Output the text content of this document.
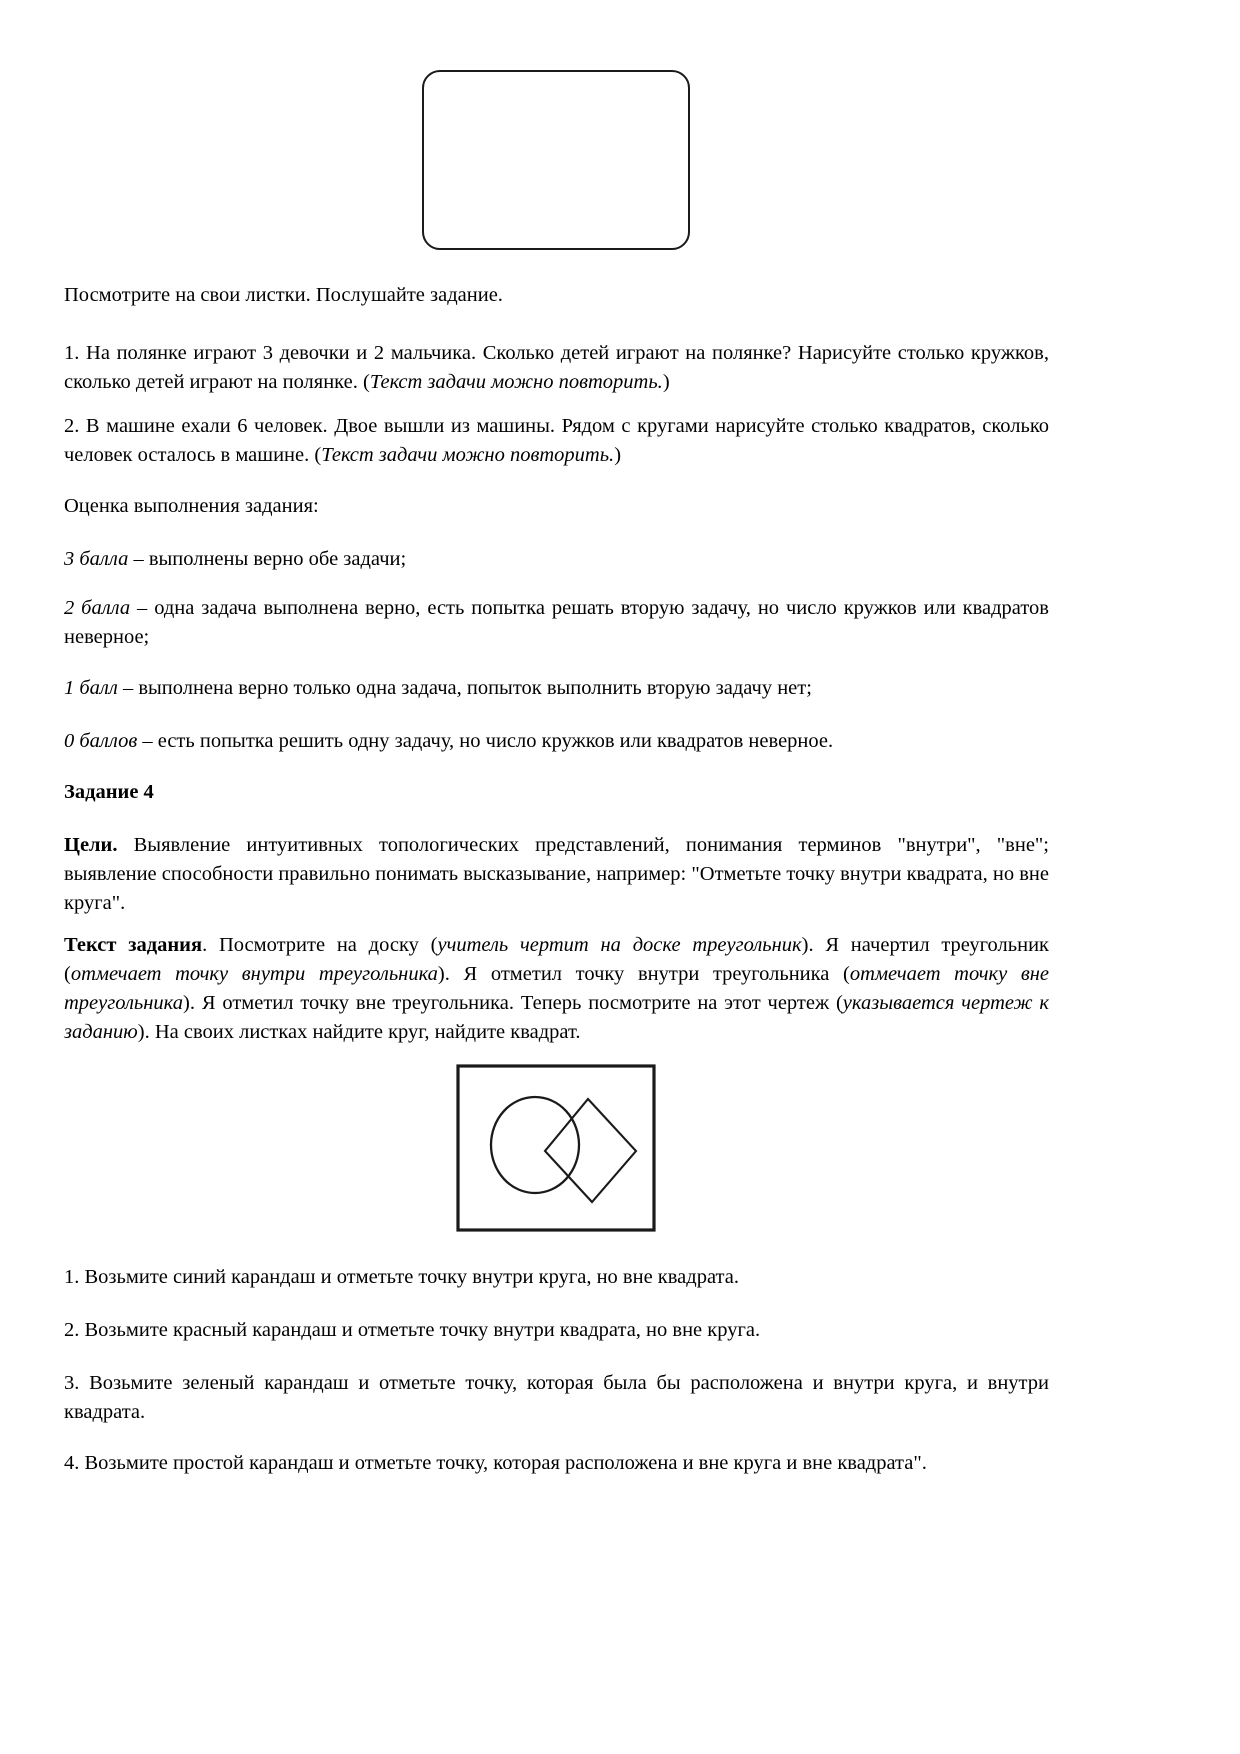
Посмотрите на свои листки. Послушайте задание.

1. На полянке играют 3 девочки и 2 мальчика. Сколько детей играют на полянке? Нарисуйте столько кружков, сколько детей играют на полянке. (Текст задачи можно повторить.)

2. В машине ехали 6 человек. Двое вышли из машины. Рядом с кругами нарисуйте столько квадратов, сколько человек осталось в машине. (Текст задачи можно повторить.)

Оценка выполнения задания:

3 балла – выполнены верно обе задачи;

2 балла – одна задача выполнена верно, есть попытка решать вторую задачу, но число кружков или квадратов неверное;

1 балл – выполнена верно только одна задача, попыток выполнить вторую задачу нет;

0 баллов – есть попытка решить одну задачу, но число кружков или квадратов неверное.

Задание 4

Цели. Выявление интуитивных топологических представлений, понимания терминов "внутри", "вне"; выявление способности правильно понимать высказывание, например: "Отметьте точку внутри квадрата, но вне круга".

Текст задания. Посмотрите на доску (учитель чертит на доске треугольник). Я начертил треугольник (отмечает точку внутри треугольника). Я отметил точку внутри треугольника (отмечает точку вне треугольника). Я отметил точку вне треугольника. Теперь посмотрите на этот чертеж (указывается чертеж к заданию). На своих листках найдите круг, найдите квадрат.

1. Возьмите синий карандаш и отметьте точку внутри круга, но вне квадрата.

2. Возьмите красный карандаш и отметьте точку внутри квадрата, но вне круга.

3. Возьмите зеленый карандаш и отметьте точку, которая была бы расположена и внутри круга, и внутри квадрата.

4. Возьмите простой карандаш и отметьте точку, которая расположена и вне круга и вне квадрата".
